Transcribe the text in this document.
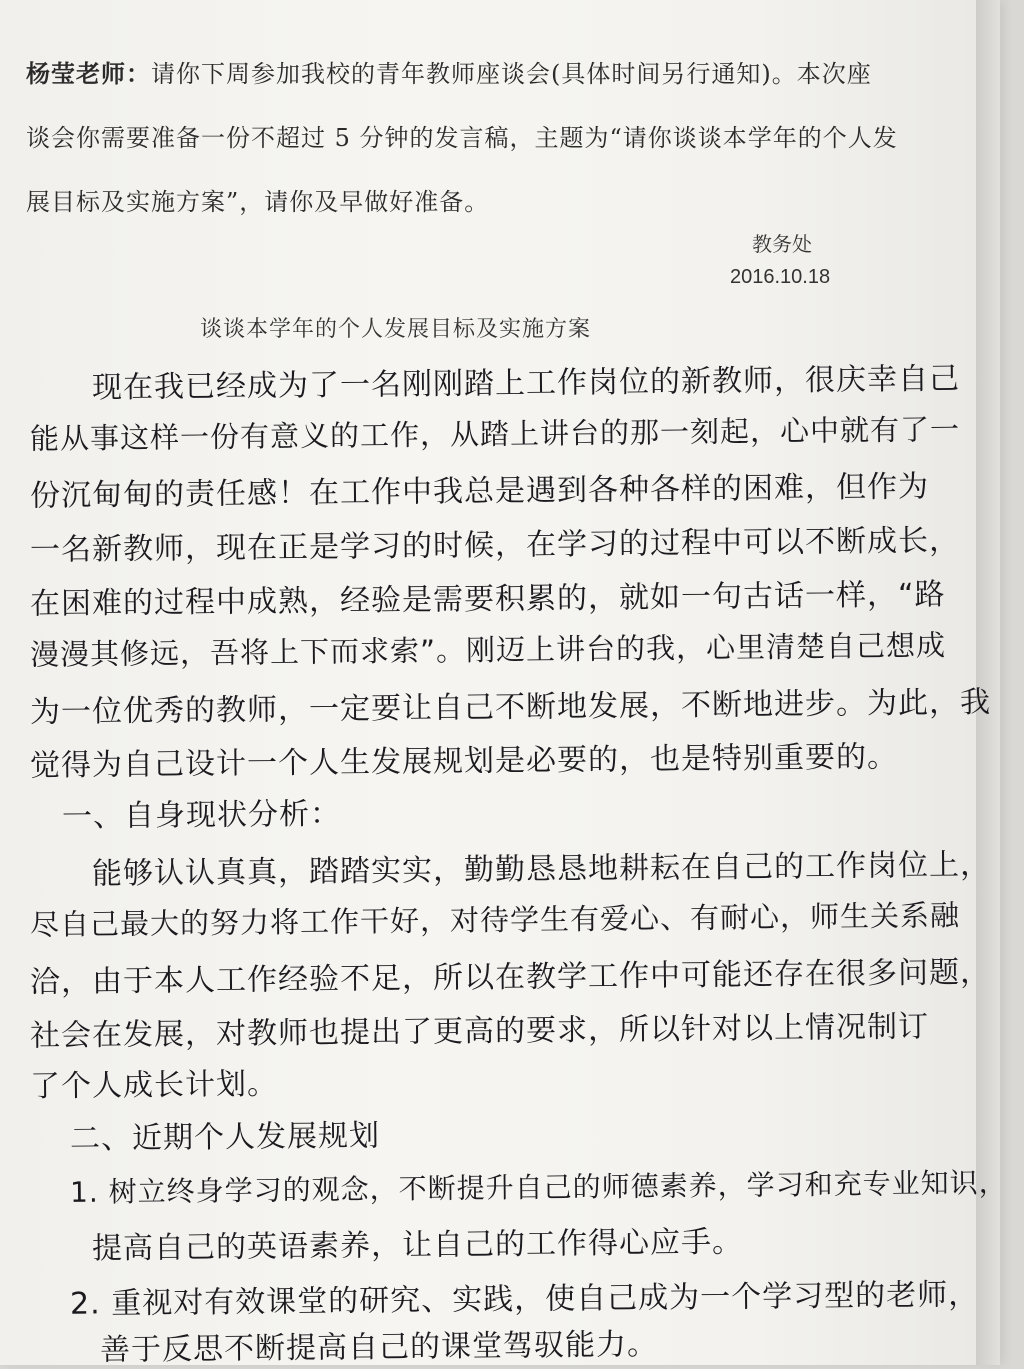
杨莹老师：请你下周参加我校的青年教师座谈会(具体时间另行通知)。本次座
谈会你需要准备一份不超过 5 分钟的发言稿，主题为“请你谈谈本学年的个人发
展目标及实施方案”，请你及早做好准备。
教务处
2016.10.18
谈谈本学年的个人发展目标及实施方案
现在我已经成为了一名刚刚踏上工作岗位的新教师，很庆幸自己
能从事这样一份有意义的工作，从踏上讲台的那一刻起，心中就有了一
份沉甸甸的责任感！在工作中我总是遇到各种各样的困难，但作为
一名新教师，现在正是学习的时候，在学习的过程中可以不断成长，
在困难的过程中成熟，经验是需要积累的，就如一句古话一样，“路
漫漫其修远，吾将上下而求索”。刚迈上讲台的我，心里清楚自己想成
为一位优秀的教师，一定要让自己不断地发展，不断地进步。为此，我
觉得为自己设计一个人生发展规划是必要的，也是特别重要的。
一、自身现状分析：
能够认认真真，踏踏实实，勤勤恳恳地耕耘在自己的工作岗位上，
尽自己最大的努力将工作干好，对待学生有爱心、有耐心，师生关系融
洽，由于本人工作经验不足，所以在教学工作中可能还存在很多问题，
社会在发展，对教师也提出了更高的要求，所以针对以上情况制订
了个人成长计划。
二、近期个人发展规划
1. 树立终身学习的观念，不断提升自己的师德素养，学习和充专业知识，
提高自己的英语素养，让自己的工作得心应手。
2. 重视对有效课堂的研究、实践，使自己成为一个学习型的老师，
善于反思不断提高自己的课堂驾驭能力。
